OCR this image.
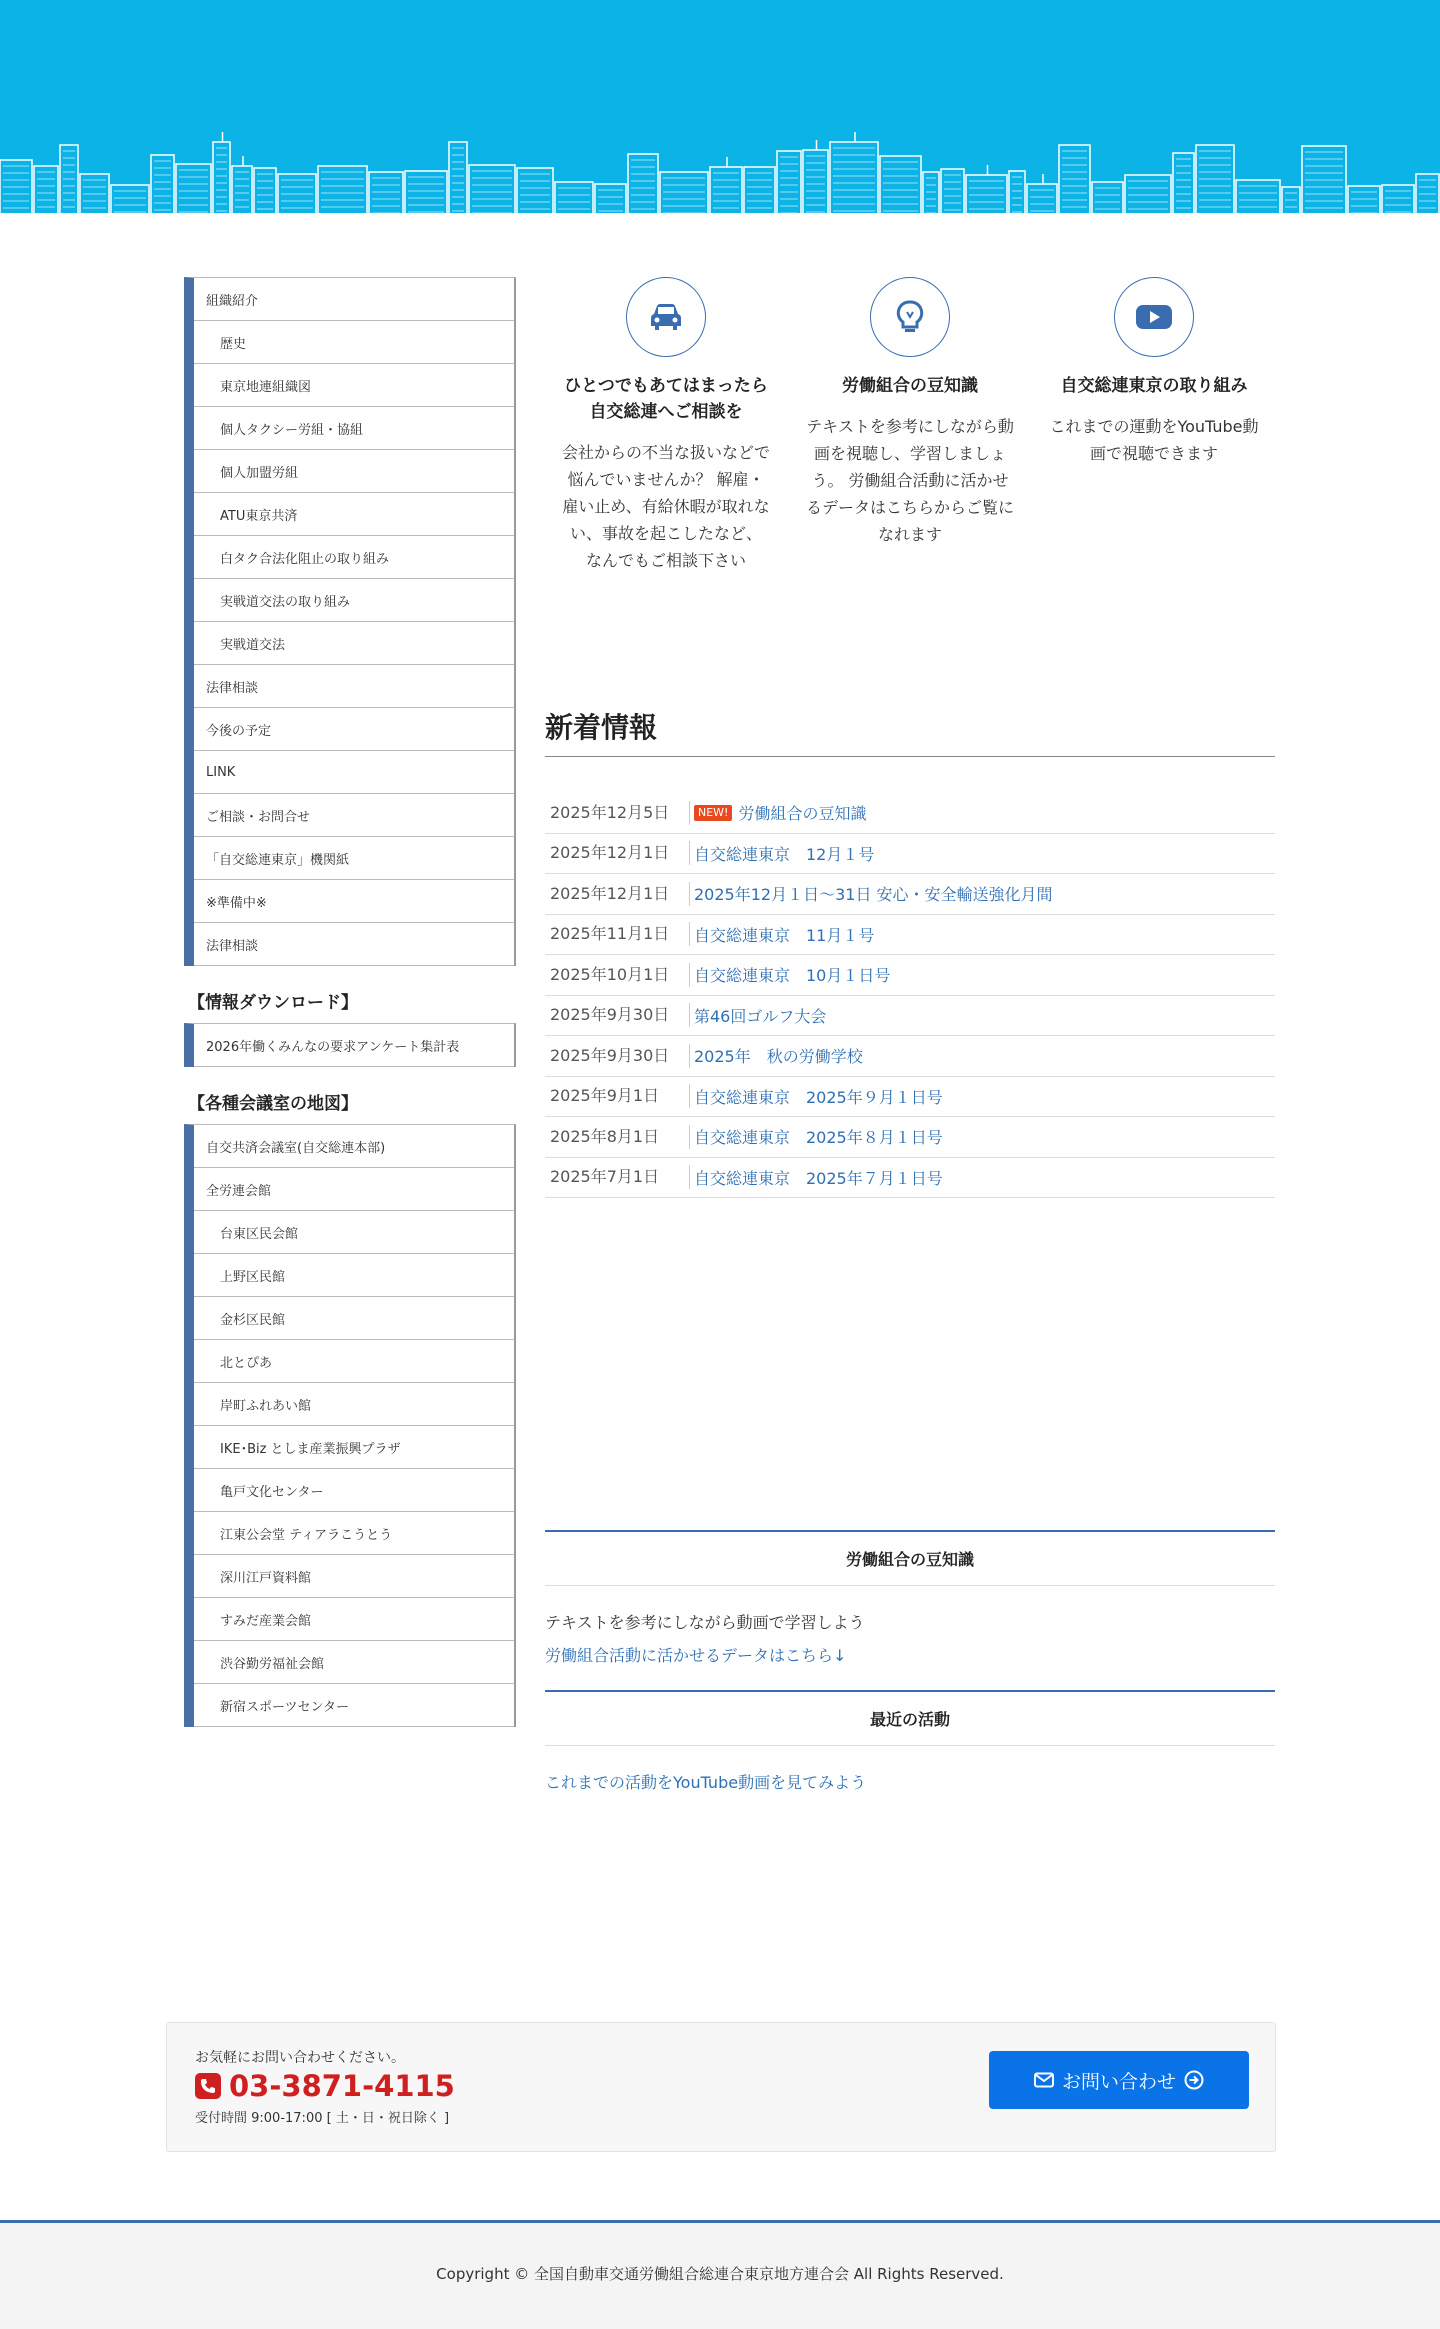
組織紹介
歴史
東京地連組織図
個人タクシー労組・協組
個人加盟労組
ATU東京共済
白タク合法化阻止の取り組み
実戦道交法の取り組み
実戦道交法
法律相談
今後の予定
LINK
ご相談・お問合せ
「自交総連東京」機関紙
※準備中※
法律相談
【情報ダウンロード】
2026年働くみんなの要求アンケート集計表
【各種会議室の地図】
自交共済会議室(自交総連本部)
全労連会館
台東区民会館
上野区民館
金杉区民館
北とぴあ
岸町ふれあい館
IKE･Biz としま産業振興プラザ
亀戸文化センター
江東公会堂 ティアラこうとう
深川江戸資料館
すみだ産業会館
渋谷勤労福祉会館
新宿スポーツセンター
ひとつでもあてはまったら
自交総連へご相談を
会社からの不当な扱いなどで
悩んでいませんか？ 解雇・
雇い止め、有給休暇が取れな
い、事故を起こしたなど、
なんでもご相談下さい
労働組合の豆知識
テキストを参考にしながら動
画を視聴し、学習しましょ
う。 労働組合活動に活かせ
るデータはこちらからご覧に
なれます
自交総連東京の取り組み
これまでの運動をYouTube動
画で視聴できます
新着情報
2025年12月5日	NEW! 労働組合の豆知識
2025年12月1日	自交総連東京　12月１号
2025年12月1日	2025年12月１日～31日 安心・安全輸送強化月間
2025年11月1日	自交総連東京　11月１号
2025年10月1日	自交総連東京　10月１日号
2025年9月30日	第46回ゴルフ大会
2025年9月30日	2025年　秋の労働学校
2025年9月1日	自交総連東京　2025年９月１日号
2025年8月1日	自交総連東京　2025年８月１日号
2025年7月1日	自交総連東京　2025年７月１日号
労働組合の豆知識
テキストを参考にしながら動画で学習しよう
労働組合活動に活かせるデータはこちら↓
最近の活動
これまでの活動をYouTube動画を見てみよう
お気軽にお問い合わせください。
03-3871-4115
受付時間 9:00-17:00 [ 土・日・祝日除く ]
お問い合わせ
Copyright © 全国自動車交通労働組合総連合東京地方連合会 All Rights Reserved.
